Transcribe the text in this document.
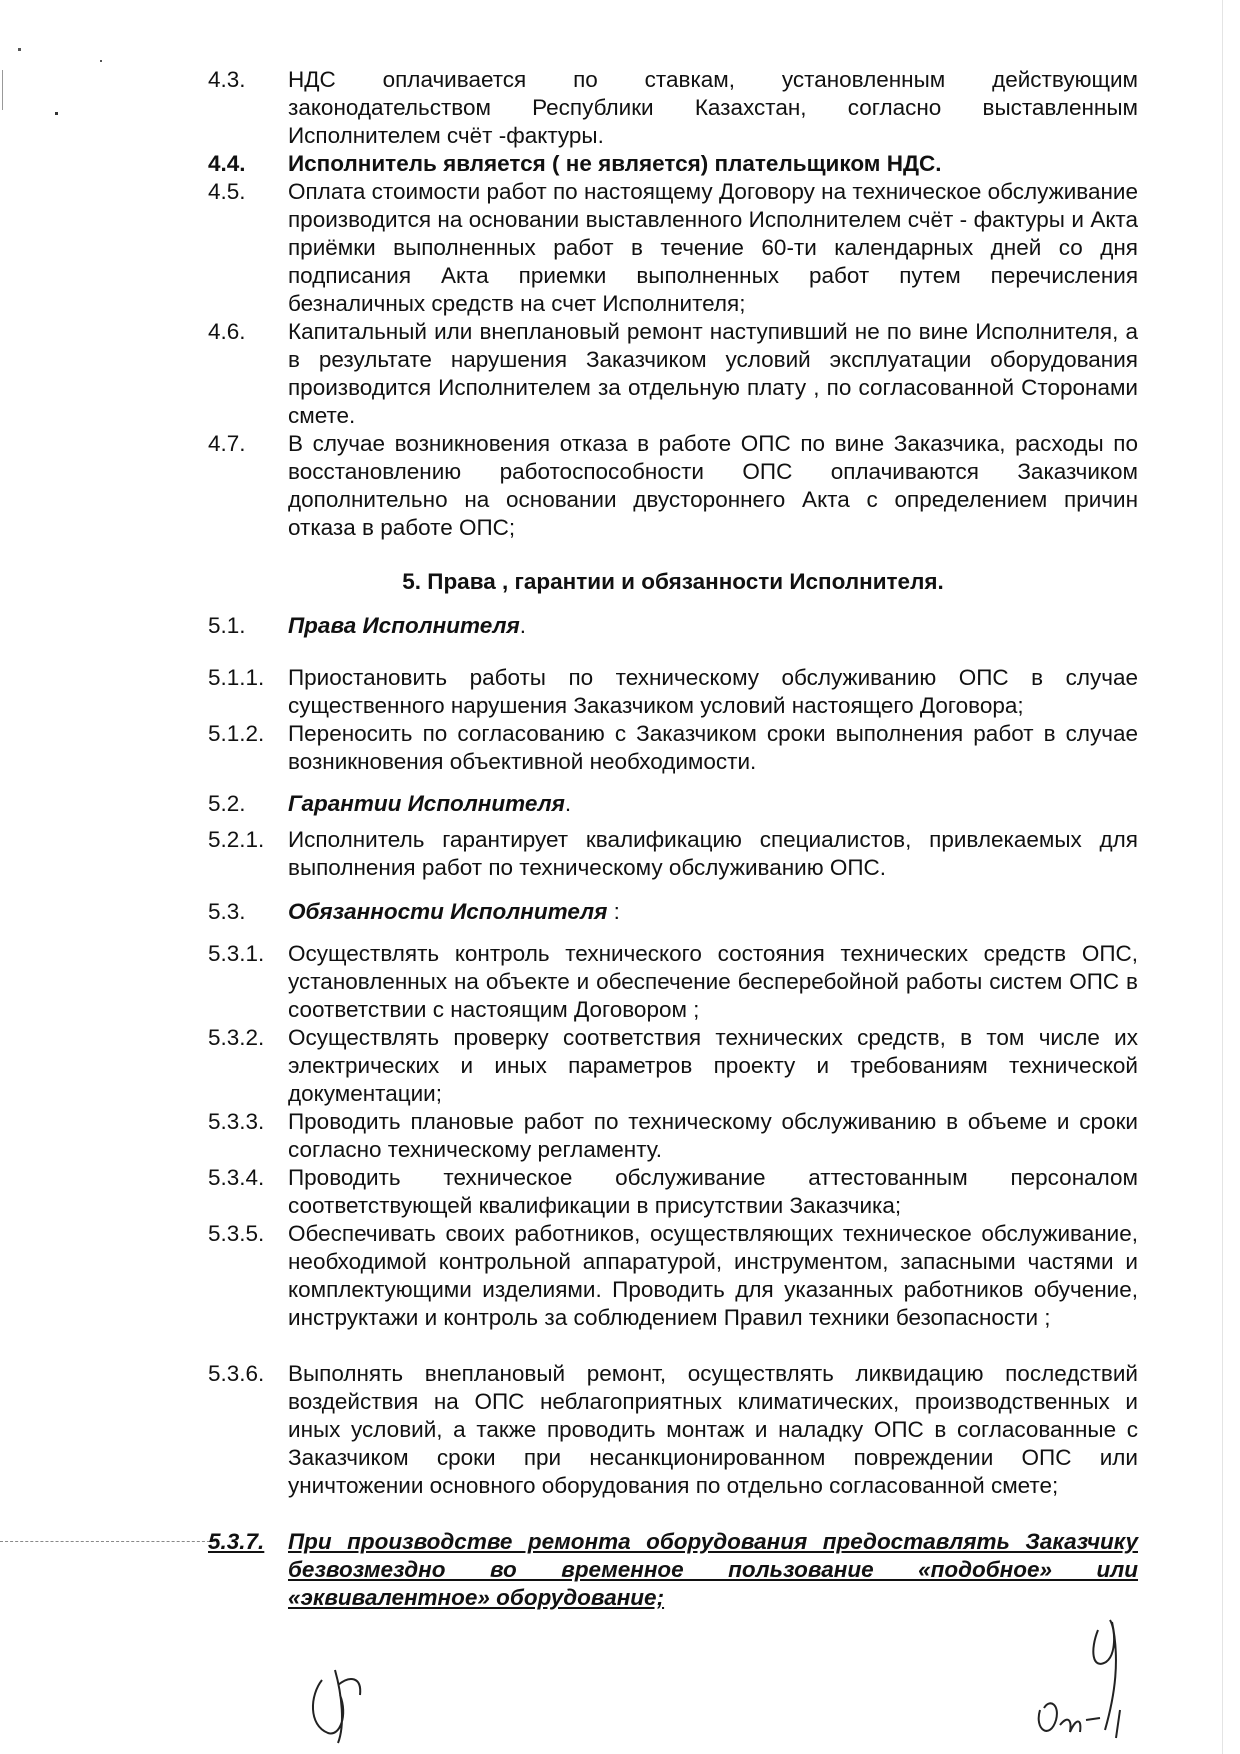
4.3.	НДС оплачивается по ставкам, установленным действующим законодательством Республики Казахстан, согласно выставленным Исполнителем счёт -фактуры.
4.4.	Исполнитель является ( не является) плательщиком НДС.
4.5.	Оплата стоимости работ по настоящему Договору на техническое обслуживание производится на основании выставленного Исполнителем счёт - фактуры и Акта приёмки выполненных работ в течение 60-ти календарных дней со дня подписания Акта приемки выполненных работ путем перечисления безналичных средств на счет Исполнителя;
4.6.	Капитальный или внеплановый ремонт наступивший не по вине Исполнителя, а в результате нарушения Заказчиком условий эксплуатации оборудования производится Исполнителем за отдельную плату , по согласованной Сторонами смете.
4.7.	В случае возникновения отказа в работе ОПС по вине Заказчика, расходы по восстановлению работоспособности ОПС оплачиваются Заказчиком дополнительно на основании двустороннего Акта с определением причин отказа в работе ОПС;
5. Права , гарантии и обязанности Исполнителя.
5.1.	Права Исполнителя.
5.1.1.	Приостановить работы по техническому обслуживанию ОПС в случае существенного нарушения Заказчиком условий настоящего Договора;
5.1.2.	Переносить по согласованию с Заказчиком сроки выполнения работ в случае возникновения объективной необходимости.
5.2.	Гарантии Исполнителя.
5.2.1.	Исполнитель гарантирует квалификацию специалистов, привлекаемых для выполнения работ по техническому обслуживанию ОПС.
5.3.	Обязанности Исполнителя :
5.3.1.	Осуществлять контроль технического состояния технических средств ОПС, установленных на объекте и обеспечение бесперебойной работы систем ОПС в соответствии с настоящим Договором ;
5.3.2.	Осуществлять проверку соответствия технических средств, в том числе их электрических и иных параметров проекту и требованиям технической документации;
5.3.3.	Проводить плановые работ по техническому обслуживанию в объеме и сроки согласно техническому регламенту.
5.3.4.	Проводить техническое обслуживание аттестованным персоналом соответствующей квалификации в присутствии Заказчика;
5.3.5.	Обеспечивать своих работников, осуществляющих техническое обслуживание, необходимой контрольной аппаратурой, инструментом, запасными частями и комплектующими изделиями. Проводить для указанных работников обучение, инструктажи и контроль за соблюдением Правил техники безопасности ;
5.3.6.	Выполнять внеплановый ремонт, осуществлять ликвидацию последствий воздействия на ОПС неблагоприятных климатических, производственных и иных условий, а также проводить монтаж и наладку ОПС в согласованные с Заказчиком сроки при несанкционированном повреждении ОПС или уничтожении основного оборудования по отдельно согласованной смете;
5.3.7.	При производстве ремонта оборудования предоставлять Заказчику безвозмездно во временное пользование «подобное» или «эквивалентное» оборудование;
